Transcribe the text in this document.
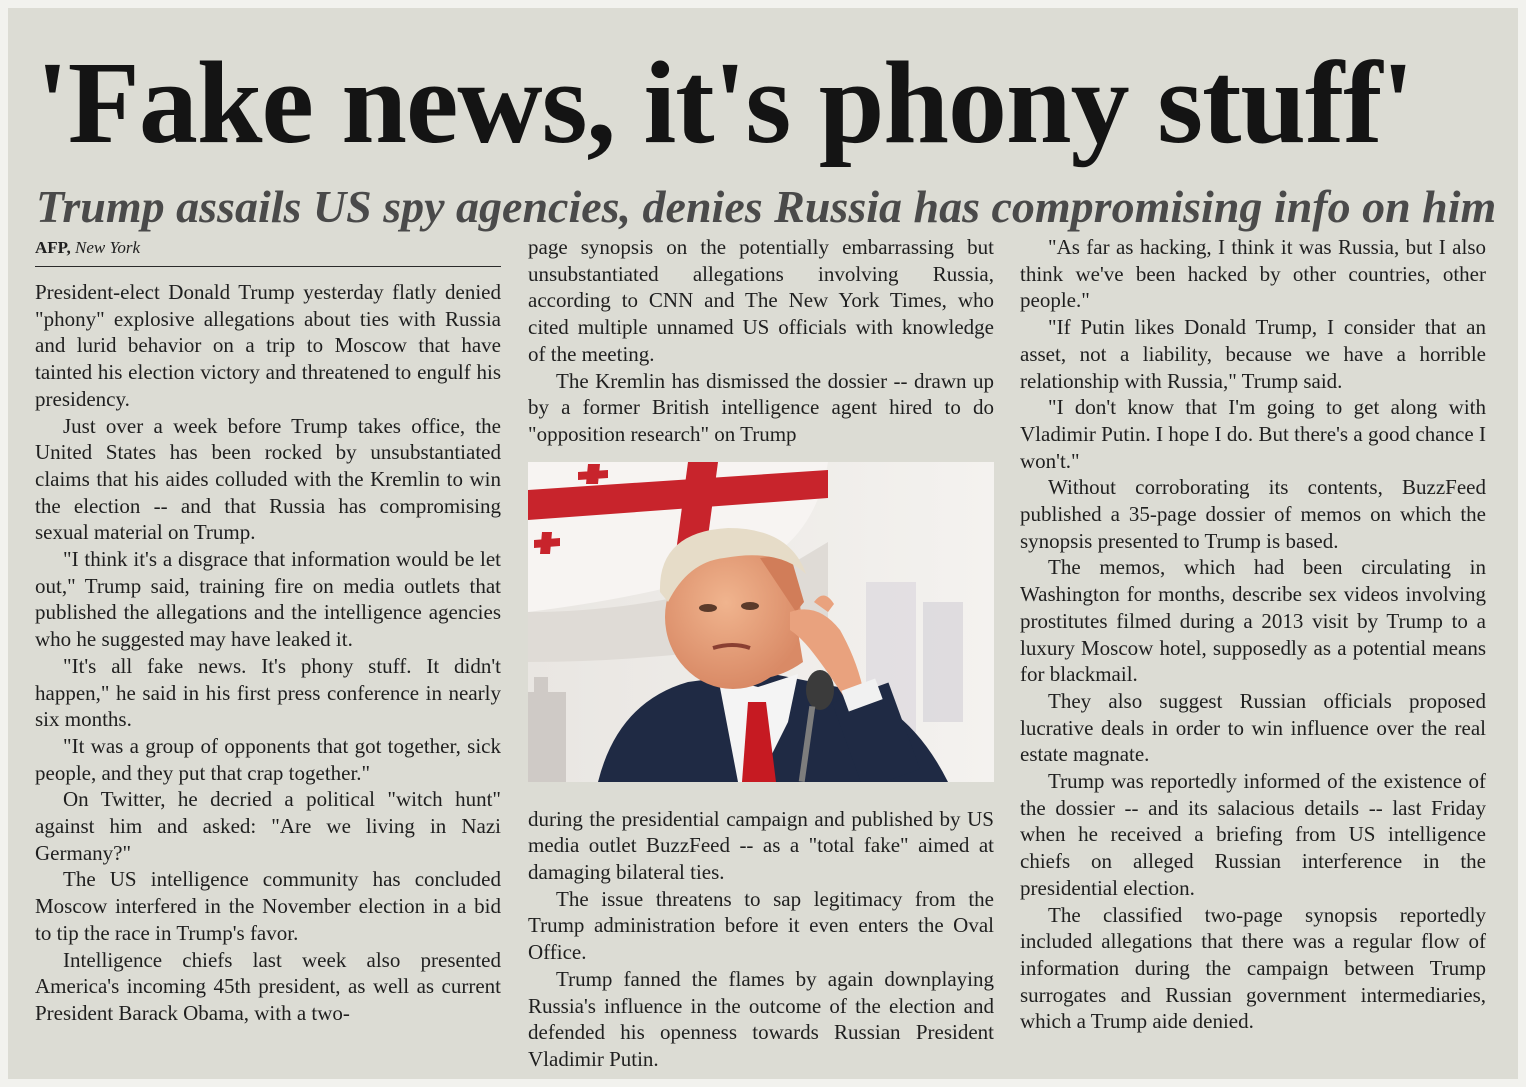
'Fake news, it's phony stuff'
Trump assails US spy agencies, denies Russia has compromising info on him
AFP, New York

President-elect Donald Trump yesterday flatly denied "phony" explosive allegations about ties with Russia and lurid behavior on a trip to Moscow that have tainted his election victory and threatened to engulf his presidency.

Just over a week before Trump takes office, the United States has been rocked by unsubstantiated claims that his aides colluded with the Kremlin to win the election -- and that Russia has compromising sexual material on Trump.

"I think it's a disgrace that information would be let out," Trump said, training fire on media outlets that published the allegations and the intelligence agencies who he suggested may have leaked it.

"It's all fake news. It's phony stuff. It didn't happen," he said in his first press conference in nearly six months.

"It was a group of opponents that got together, sick people, and they put that crap together."

On Twitter, he decried a political "witch hunt" against him and asked: "Are we living in Nazi Germany?"

The US intelligence community has concluded Moscow interfered in the November election in a bid to tip the race in Trump's favor.

Intelligence chiefs last week also presented America's incoming 45th president, as well as current President Barack Obama, with a two-

page synopsis on the potentially embarrassing but unsubstantiated allegations involving Russia, according to CNN and The New York Times, who cited multiple unnamed US officials with knowledge of the meeting.

The Kremlin has dismissed the dossier -- drawn up by a former British intelligence agent hired to do "opposition research" on Trump

during the presidential campaign and published by US media outlet BuzzFeed -- as a "total fake" aimed at damaging bilateral ties.

The issue threatens to sap legitimacy from the Trump administration before it even enters the Oval Office.

Trump fanned the flames by again downplaying Russia's influence in the outcome of the election and defended his openness towards Russian President Vladimir Putin.

"As far as hacking, I think it was Russia, but I also think we've been hacked by other countries, other people."

"If Putin likes Donald Trump, I consider that an asset, not a liability, because we have a horrible relationship with Russia," Trump said.

"I don't know that I'm going to get along with Vladimir Putin. I hope I do. But there's a good chance I won't."

Without corroborating its contents, BuzzFeed published a 35-page dossier of memos on which the synopsis presented to Trump is based.

The memos, which had been circulating in Washington for months, describe sex videos involving prostitutes filmed during a 2013 visit by Trump to a luxury Moscow hotel, supposedly as a potential means for blackmail.

They also suggest Russian officials proposed lucrative deals in order to win influence over the real estate magnate.

Trump was reportedly informed of the existence of the dossier -- and its salacious details -- last Friday when he received a briefing from US intelligence chiefs on alleged Russian interference in the presidential election.

The classified two-page synopsis reportedly included allegations that there was a regular flow of information during the campaign between Trump surrogates and Russian government intermediaries, which a Trump aide denied.
